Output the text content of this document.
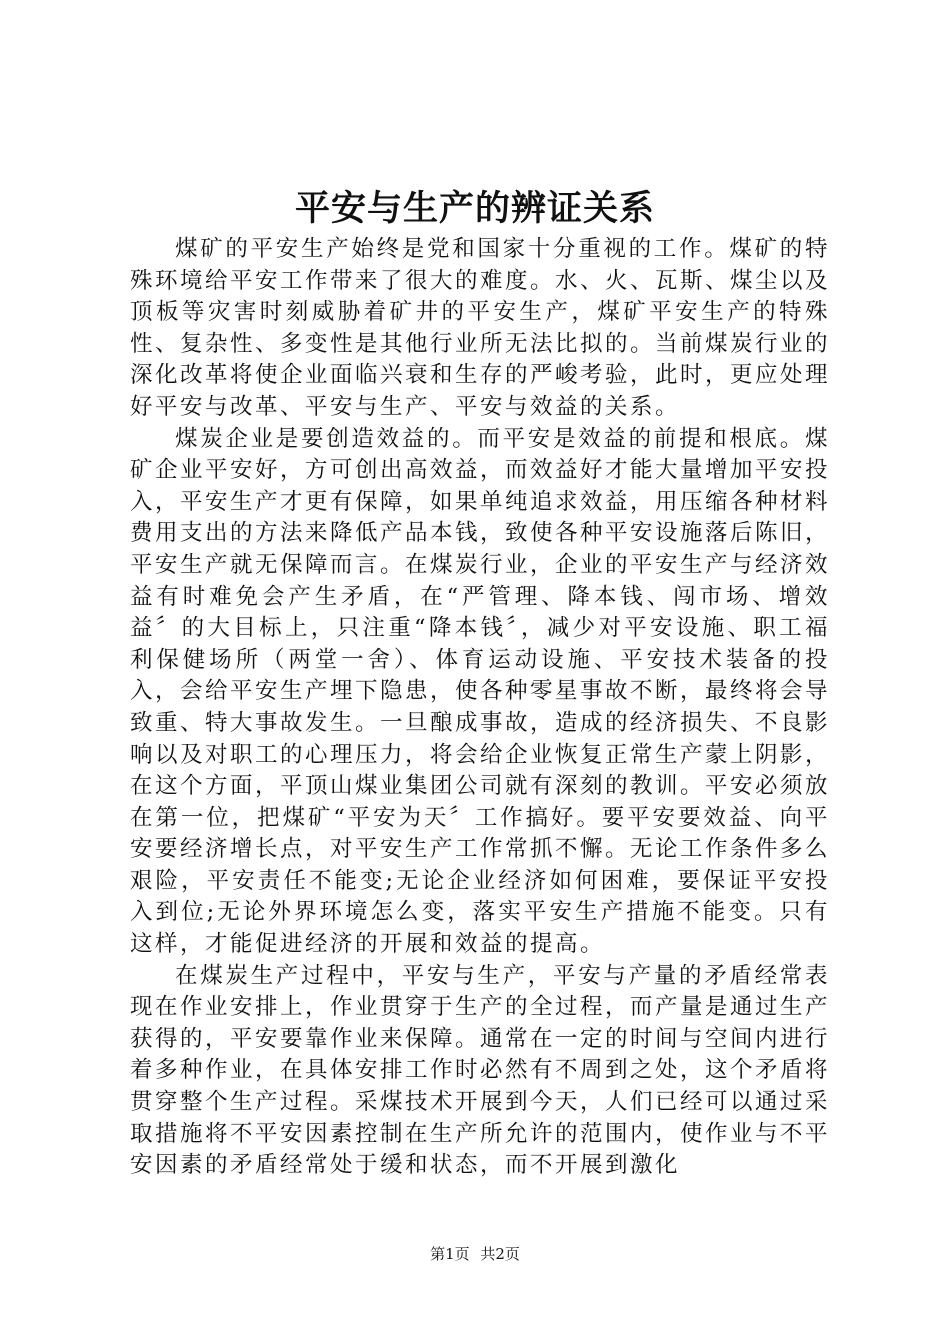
平安与生产的辨证关系

煤矿的平安生产始终是党和国家十分重视的工作。煤矿的特殊环境给平安工作带来了很大的难度。水、火、瓦斯、煤尘以及顶板等灾害时刻威胁着矿井的平安生产，煤矿平安生产的特殊性、复杂性、多变性是其他行业所无法比拟的。当前煤炭行业的深化改革将使企业面临兴衰和生存的严峻考验，此时，更应处理好平安与改革、平安与生产、平安与效益的关系。

煤炭企业是要创造效益的。而平安是效益的前提和根底。煤矿企业平安好，方可创出高效益，而效益好才能大量增加平安投入，平安生产才更有保障，如果单纯追求效益，用压缩各种材料费用支出的方法来降低产品本钱，致使各种平安设施落后陈旧，平安生产就无保障而言。在煤炭行业，企业的平安生产与经济效益有时难免会产生矛盾，在“严管理、降本钱、闯市场、增效益〞的大目标上，只注重“降本钱〞，减少对平安设施、职工福利保健场所（两堂一舍）、体育运动设施、平安技术装备的投入，会给平安生产埋下隐患，使各种零星事故不断，最终将会导致重、特大事故发生。一旦酿成事故，造成的经济损失、不良影响以及对职工的心理压力，将会给企业恢复正常生产蒙上阴影，在这个方面，平顶山煤业集团公司就有深刻的教训。平安必须放在第一位，把煤矿“平安为天〞工作搞好。要平安要效益、向平安要经济增长点，对平安生产工作常抓不懈。无论工作条件多么艰险，平安责任不能变;无论企业经济如何困难，要保证平安投入到位;无论外界环境怎么变，落实平安生产措施不能变。只有这样，才能促进经济的开展和效益的提高。

在煤炭生产过程中，平安与生产，平安与产量的矛盾经常表现在作业安排上，作业贯穿于生产的全过程，而产量是通过生产获得的，平安要靠作业来保障。通常在一定的时间与空间内进行着多种作业，在具体安排工作时必然有不周到之处，这个矛盾将贯穿整个生产过程。采煤技术开展到今天，人们已经可以通过采取措施将不平安因素控制在生产所允许的范围内，使作业与不平安因素的矛盾经常处于缓和状态，而不开展到激化

第1页 共2页
